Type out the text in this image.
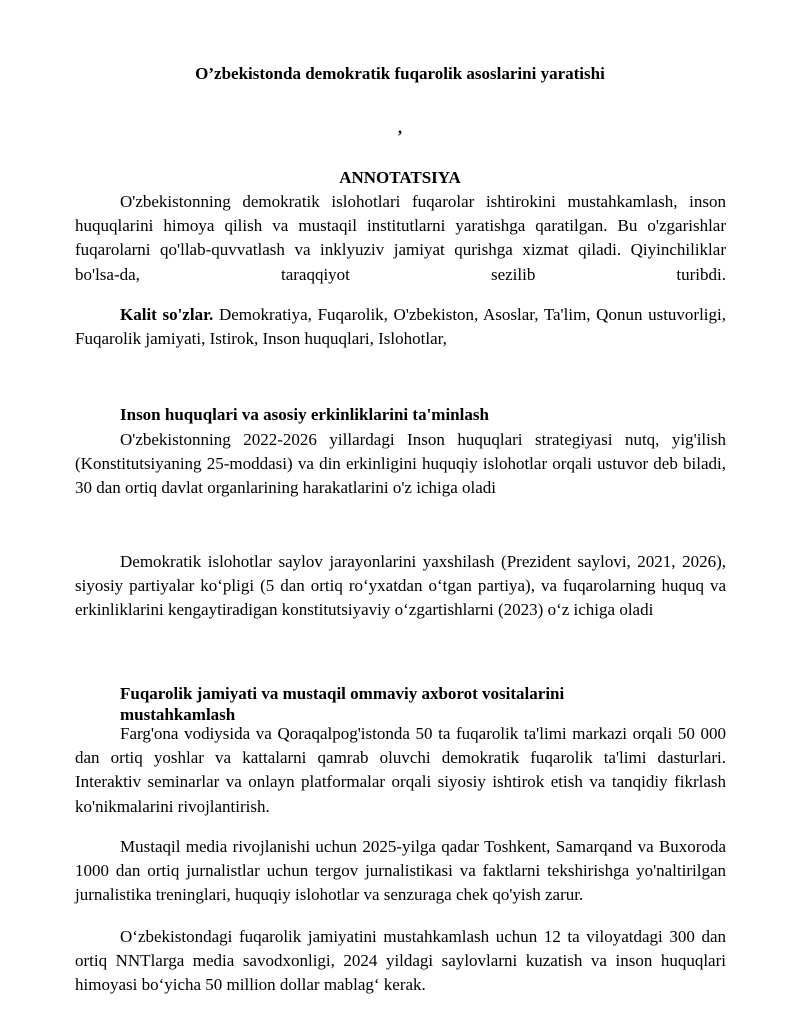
O’zbekistonda demokratik fuqarolik asoslarini yaratishi
,
ANNOTATSIYA
O'zbekistonning demokratik islohotlari fuqarolar ishtirokini mustahkamlash, inson huquqlarini himoya qilish va mustaqil institutlarni yaratishga qaratilgan. Bu o'zgarishlar fuqarolarni qo'llab-quvvatlash va inklyuziv jamiyat qurishga xizmat qiladi. Qiyinchiliklar bo'lsa-da, taraqqiyot sezilib turibdi.
Kalit so'zlar. Demokratiya, Fuqarolik, O'zbekiston, Asoslar, Ta'lim, Qonun ustuvorligi, Fuqarolik jamiyati, Istirok, Inson huquqlari, Islohotlar,
Inson huquqlari va asosiy erkinliklarini ta'minlash
O'zbekistonning 2022-2026 yillardagi Inson huquqlari strategiyasi nutq, yig'ilish (Konstitutsiyaning 25-moddasi) va din erkinligini huquqiy islohotlar orqali ustuvor deb biladi, 30 dan ortiq davlat organlarining harakatlarini o'z ichiga oladi
Demokratik islohotlar saylov jarayonlarini yaxshilash (Prezident saylovi, 2021, 2026), siyosiy partiyalar ko‘pligi (5 dan ortiq ro‘yxatdan o‘tgan partiya), va fuqarolarning huquq va erkinliklarini kengaytiradigan konstitutsiyaviy o‘zgartishlarni (2023) o‘z ichiga oladi
Fuqarolik jamiyati va mustaqil ommaviy axborot vositalarini mustahkamlash
Farg'ona vodiysida va Qoraqalpog'istonda 50 ta fuqarolik ta'limi markazi orqali 50 000 dan ortiq yoshlar va kattalarni qamrab oluvchi demokratik fuqarolik ta'limi dasturlari. Interaktiv seminarlar va onlayn platformalar orqali siyosiy ishtirok etish va tanqidiy fikrlash ko'nikmalarini rivojlantirish.
Mustaqil media rivojlanishi uchun 2025-yilga qadar Toshkent, Samarqand va Buxoroda 1000 dan ortiq jurnalistlar uchun tergov jurnalistikasi va faktlarni tekshirishga yo'naltirilgan jurnalistika treninglari, huquqiy islohotlar va senzuraga chek qo'yish zarur.
O‘zbekistondagi fuqarolik jamiyatini mustahkamlash uchun 12 ta viloyatdagi 300 dan ortiq NNTlarga media savodxonligi, 2024 yildagi saylovlarni kuzatish va inson huquqlari himoyasi bo‘yicha 50 million dollar mablag‘ kerak.
